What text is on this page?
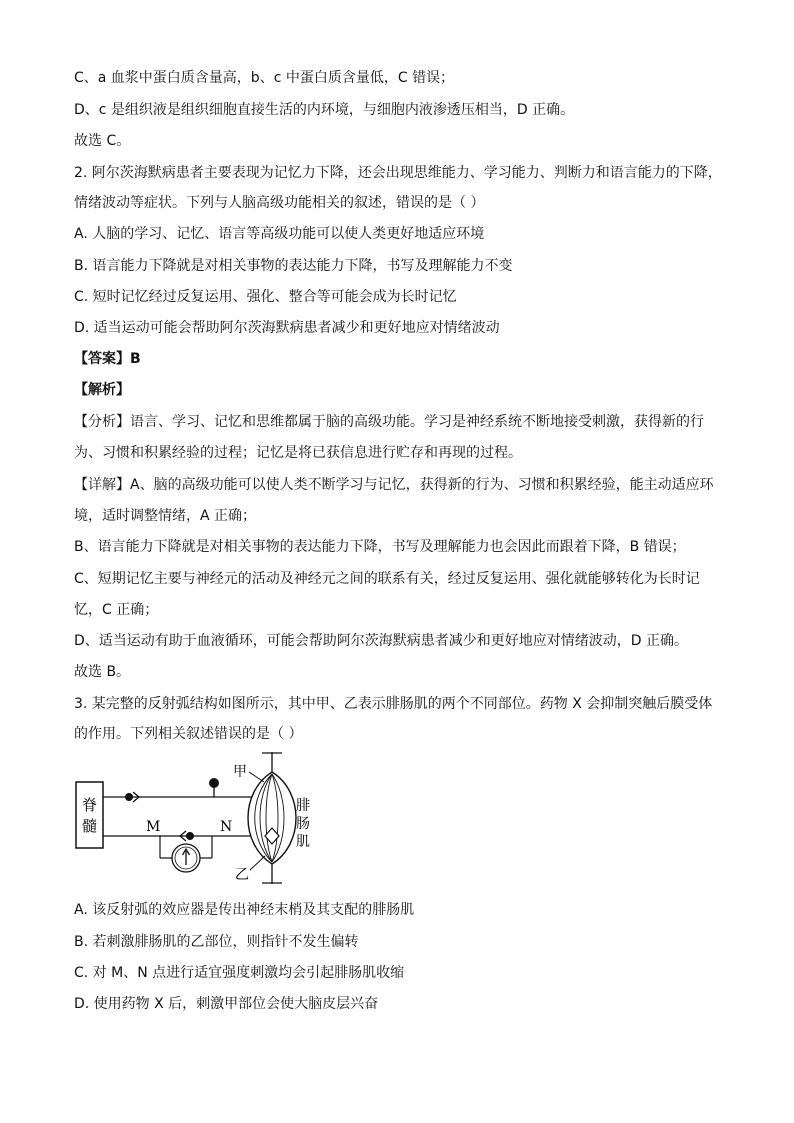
C、a 血浆中蛋白质含量高，b、c 中蛋白质含量低，C 错误；
D、c 是组织液是组织细胞直接生活的内环境，与细胞内液渗透压相当，D 正确。
故选 C。
2. 阿尔茨海默病患者主要表现为记忆力下降，还会出现思维能力、学习能力、判断力和语言能力的下降，
情绪波动等症状。下列与人脑高级功能相关的叙述，错误的是（ ）
A. 人脑的学习、记忆、语言等高级功能可以使人类更好地适应环境
B. 语言能力下降就是对相关事物的表达能力下降，书写及理解能力不变
C. 短时记忆经过反复运用、强化、整合等可能会成为长时记忆
D. 适当运动可能会帮助阿尔茨海默病患者减少和更好地应对情绪波动
【答案】B
【解析】
【分析】语言、学习、记忆和思维都属于脑的高级功能。学习是神经系统不断地接受刺激，获得新的行
为、习惯和积累经验的过程；记忆是将已获信息进行贮存和再现的过程。
【详解】A、脑的高级功能可以使人类不断学习与记忆，获得新的行为、习惯和积累经验，能主动适应环
境，适时调整情绪，A 正确；
B、语言能力下降就是对相关事物的表达能力下降，书写及理解能力也会因此而跟着下降，B 错误；
C、短期记忆主要与神经元的活动及神经元之间的联系有关，经过反复运用、强化就能够转化为长时记
忆，C 正确；
D、适当运动有助于血液循环，可能会帮助阿尔茨海默病患者减少和更好地应对情绪波动，D 正确。
故选 B。
3. 某完整的反射弧结构如图所示，其中甲、乙表示腓肠肌的两个不同部位。药物 X 会抑制突触后膜受体
的作用。下列相关叙述错误的是（ ）
A. 该反射弧的效应器是传出神经末梢及其支配的腓肠肌
B. 若刺激腓肠肌的乙部位，则指针不发生偏转
C. 对 M、N 点进行适宜强度刺激均会引起腓肠肌收缩
D. 使用药物 X 后，刺激甲部位会使大脑皮层兴奋
脊
髓	M	N
甲
乙
腓
肠
肌
